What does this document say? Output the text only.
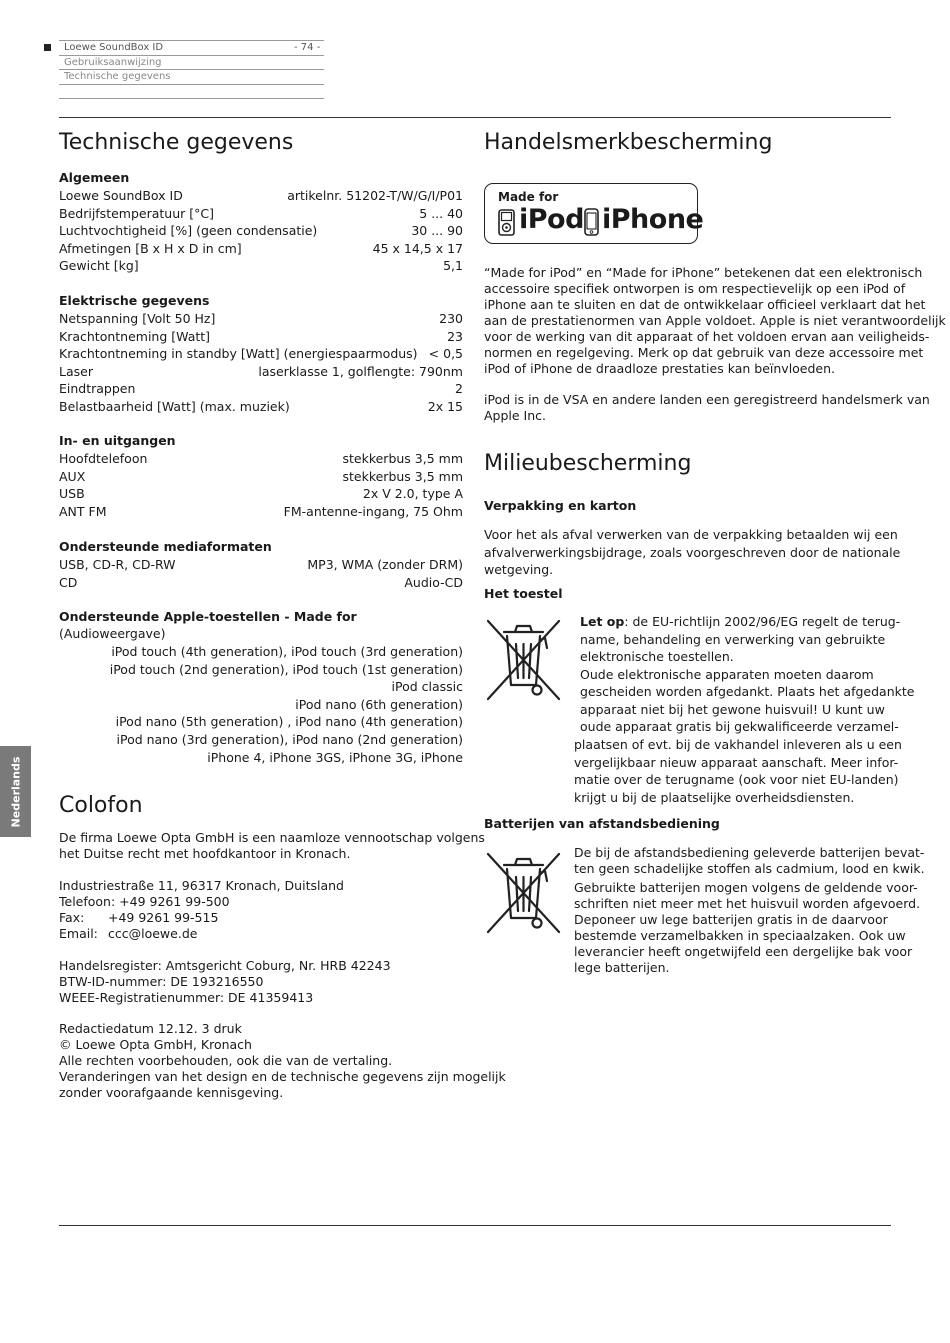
Loewe SoundBox ID	- 74 -
Gebruiksaanwijzing
Technische gegevens
Nederlands
Technische gegevens
Algemeen
Loewe SoundBox ID	artikelnr. 51202-T/W/G/I/P01
Bedrijfstemperatuur [°C]	5 ... 40
Luchtvochtigheid [%] (geen condensatie)	30 ... 90
Afmetingen [B x H x D in cm]	45 x 14,5 x 17
Gewicht [kg]	5,1
Elektrische gegevens
Netspanning [Volt 50 Hz]	230
Krachtontneming [Watt]	23
Krachtontneming in standby [Watt] (energiespaarmodus) < 0,5
Laser	laserklasse 1, golflengte: 790nm
Eindtrappen	2
Belastbaarheid [Watt] (max. muziek)	2x 15
In- en uitgangen
Hoofdtelefoon	stekkerbus 3,5 mm
AUX	stekkerbus 3,5 mm
USB	2x V 2.0, type A
ANT FM	FM-antenne-ingang, 75 Ohm
Ondersteunde mediaformaten
USB, CD-R, CD-RW	MP3, WMA (zonder DRM)
CD	Audio-CD
Ondersteunde Apple-toestellen - Made for
(Audioweergave)
iPod touch (4th generation), iPod touch (3rd generation)
iPod touch (2nd generation), iPod touch (1st generation)
iPod classic
iPod nano (6th generation)
iPod nano (5th generation) , iPod nano (4th generation)
iPod nano (3rd generation), iPod nano (2nd generation)
iPhone 4, iPhone 3GS, iPhone 3G, iPhone
Colofon
De firma Loewe Opta GmbH is een naamloze vennootschap volgens
het Duitse recht met hoofdkantoor in Kronach.
Industriestraße 11, 96317 Kronach, Duitsland
Telefoon: +49 9261 99-500
Fax: +49 9261 99-515
Email: ccc@loewe.de
Handelsregister: Amtsgericht Coburg, Nr. HRB 42243
BTW-ID-nummer: DE 193216550
WEEE-Registratienummer: DE 41359413
Redactiedatum 12.12. 3 druk
© Loewe Opta GmbH, Kronach
Alle rechten voorbehouden, ook die van de vertaling.
Veranderingen van het design en de technische gegevens zijn mogelijk
zonder voorafgaande kennisgeving.
Handelsmerkbescherming
Made for
iPod iPhone
“Made for iPod” en “Made for iPhone” betekenen dat een elektronisch
accessoire specifiek ontworpen is om respectievelijk op een iPod of
iPhone aan te sluiten en dat de ontwikkelaar officieel verklaart dat het
aan de prestatienormen van Apple voldoet. Apple is niet verantwoordelijk
voor de werking van dit apparaat of het voldoen ervan aan veiligheids-
normen en regelgeving. Merk op dat gebruik van deze accessoire met
iPod of iPhone de draadloze prestaties kan beïnvloeden.
iPod is in de VSA en andere landen een geregistreerd handelsmerk van
Apple Inc.
Milieubescherming
Verpakking en karton
Voor het als afval verwerken van de verpakking betaalden wij een
afvalverwerkingsbijdrage, zoals voorgeschreven door de nationale
wetgeving.
Het toestel
Let op: de EU-richtlijn 2002/96/EG regelt de terug-
name, behandeling en verwerking van gebruikte
elektronische toestellen.
Oude elektronische apparaten moeten daarom
gescheiden worden afgedankt. Plaats het afgedankte
apparaat niet bij het gewone huisvuil! U kunt uw
oude apparaat gratis bij gekwalificeerde verzamel-
plaatsen of evt. bij de vakhandel inleveren als u een
vergelijkbaar nieuw apparaat aanschaft. Meer infor-
matie over de terugname (ook voor niet EU-landen)
krijgt u bij de plaatselijke overheidsdiensten.
Batterijen van afstandsbediening
De bij de afstandsbediening geleverde batterijen bevat-
ten geen schadelijke stoffen als cadmium, lood en kwik.
Gebruikte batterijen mogen volgens de geldende voor-
schriften niet meer met het huisvuil worden afgevoerd.
Deponeer uw lege batterijen gratis in de daarvoor
bestemde verzamelbakken in speciaalzaken. Ook uw
leverancier heeft ongetwijfeld een dergelijke bak voor
lege batterijen.
